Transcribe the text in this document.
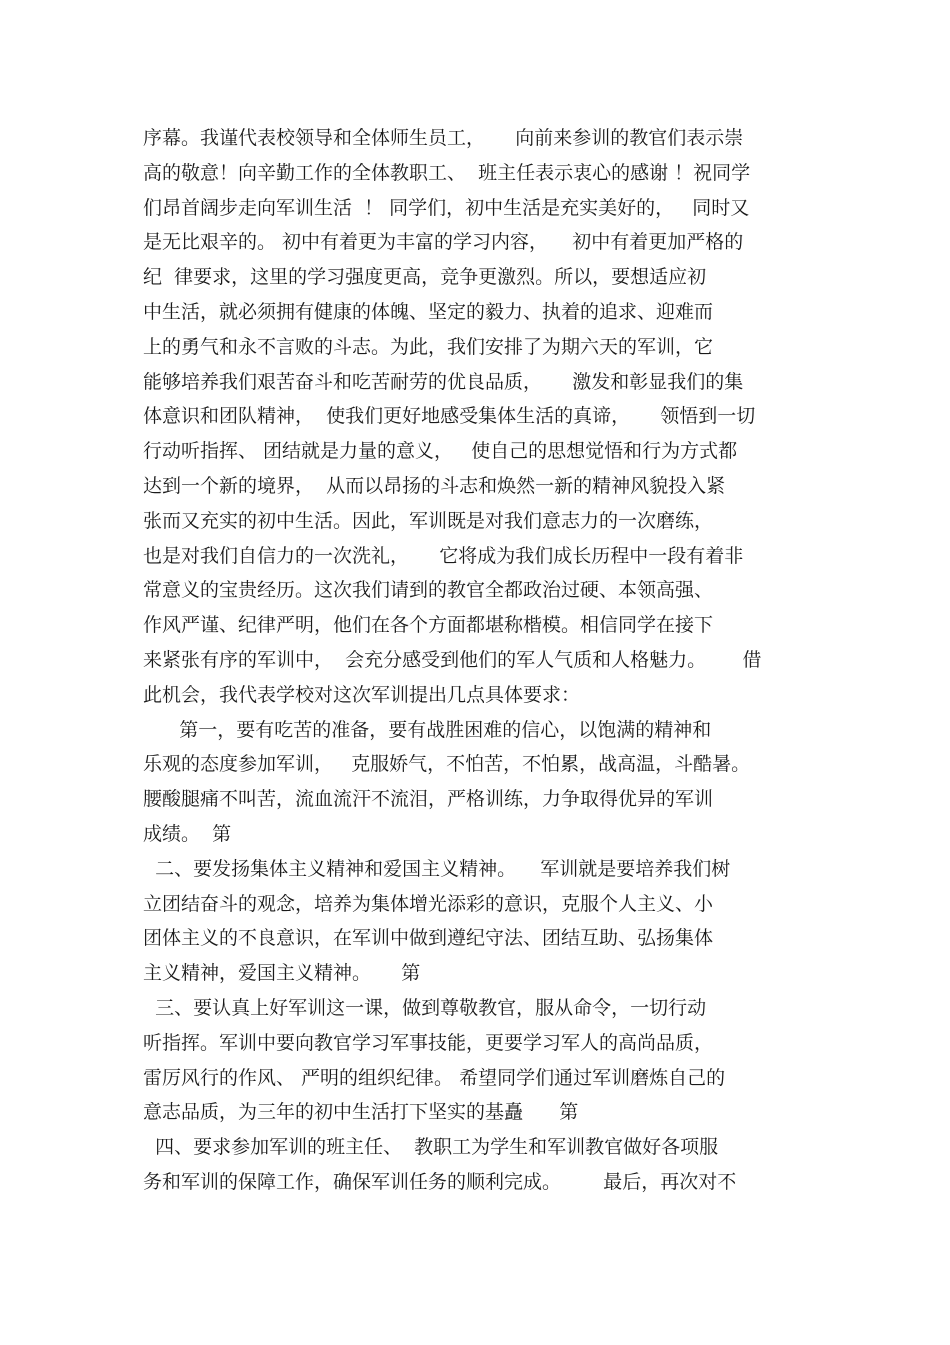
序幕。我谨代表校领导和全体师生员工，     向前来参训的教官们表示崇
高的敬意！向辛勤工作的全体教职工、  班主任表示衷心的感谢 ！祝同学
们昂首阔步走向军训生活  ！ 同学们，初中生活是充实美好的，   同时又
是无比艰辛的。 初中有着更为丰富的学习内容，    初中有着更加严格的
纪  律要求，这里的学习强度更高，竞争更激烈。所以，要想适应初
中生活，就必须拥有健康的体魄、坚定的毅力、执着的追求、迎难而
上的勇气和永不言败的斗志。为此，我们安排了为期六天的军训，它
能够培养我们艰苦奋斗和吃苦耐劳的优良品质，     激发和彰显我们的集
体意识和团队精神，  使我们更好地感受集体生活的真谛，     领悟到一切
行动听指挥、 团结就是力量的意义，   使自己的思想觉悟和行为方式都
达到一个新的境界，  从而以昂扬的斗志和焕然一新的精神风貌投入紧
张而又充实的初中生活。因此，军训既是对我们意志力的一次磨练，
也是对我们自信力的一次洗礼，     它将成为我们成长历程中一段有着非
常意义的宝贵经历。这次我们请到的教官全都政治过硬、本领高强、
作风严谨、纪律严明，他们在各个方面都堪称楷模。相信同学在接下
来紧张有序的军训中，  会充分感受到他们的军人气质和人格魅力。      借
此机会，我代表学校对这次军训提出几点具体要求：
第一，要有吃苦的准备，要有战胜困难的信心，以饱满的精神和
乐观的态度参加军训，   克服娇气，不怕苦，不怕累，战高温，斗酷暑。
腰酸腿痛不叫苦，流血流汗不流泪，严格训练，力争取得优异的军训
成绩。  第
二、要发扬集体主义精神和爱国主义精神。    军训就是要培养我们树
立团结奋斗的观念，培养为集体增光添彩的意识，克服个人主义、小
团体主义的不良意识，在军训中做到遵纪守法、团结互助、弘扬集体
主义精神，爱国主义精神。     第
三、要认真上好军训这一课，做到尊敬教官，服从命令，一切行动
听指挥。军训中要向教官学习军事技能，更要学习军人的高尚品质，
雷厉风行的作风、 严明的组织纪律。 希望同学们通过军训磨炼自己的
意志品质，为三年的初中生活打下坚实的基矗      第
四、要求参加军训的班主任、  教职工为学生和军训教官做好各项服
务和军训的保障工作，确保军训任务的顺利完成。       最后，再次对不
